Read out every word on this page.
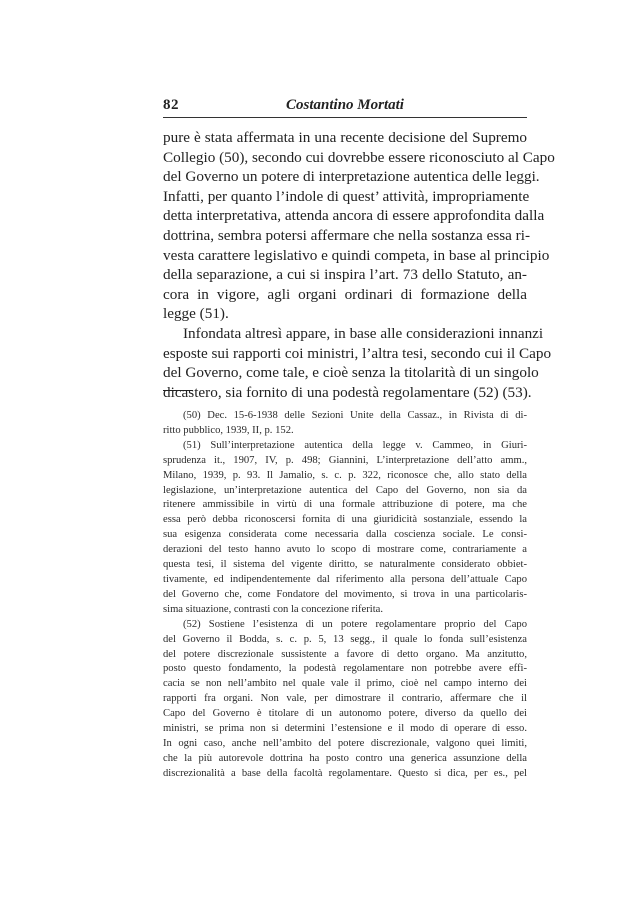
82	Costantino Mortati
pure è stata affermata in una recente decisione del Supremo
Collegio (50), secondo cui dovrebbe essere riconosciuto al Capo
del Governo un potere di interpretazione autentica delle leggi.
Infatti, per quanto l’indole di quest’ attività, impropriamente
detta interpretativa, attenda ancora di essere approfondita dalla
dottrina, sembra potersi affermare che nella sostanza essa ri-
vesta carattere legislativo e quindi competa, in base al principio
della separazione, a cui si inspira l’art. 73 dello Statuto, an-
cora in vigore, agli organi ordinari di formazione della
legge (51).
Infondata altresì appare, in base alle considerazioni innanzi
esposte sui rapporti coi ministri, l’altra tesi, secondo cui il Capo
del Governo, come tale, e cioè senza la titolarità di un singolo
dicastero, sia fornito di una podestà regolamentare (52) (53).
(50) Dec. 15-6-1938 delle Sezioni Unite della Cassaz., in Rivista di di-
ritto pubblico, 1939, II, p. 152.
(51) Sull’interpretazione autentica della legge v. Cammeo, in Giuri-
sprudenza it., 1907, IV, p. 498; Giannini, L’interpretazione dell’atto amm.,
Milano, 1939, p. 93. Il Jamalio, s. c. p. 322, riconosce che, allo stato della
legislazione, un’interpretazione autentica del Capo del Governo, non sia da
ritenere ammissibile in virtù di una formale attribuzione di potere, ma che
essa però debba riconoscersi fornita di una giuridicità sostanziale, essendo la
sua esigenza considerata come necessaria dalla coscienza sociale. Le consi-
derazioni del testo hanno avuto lo scopo di mostrare come, contrariamente a
questa tesi, il sistema del vigente diritto, se naturalmente considerato obbiet-
tivamente, ed indipendentemente dal riferimento alla persona dell’attuale Capo
del Governo che, come Fondatore del movimento, si trova in una particolaris-
sima situazione, contrasti con la concezione riferita.
(52) Sostiene l’esistenza di un potere regolamentare proprio del Capo
del Governo il Bodda, s. c. p. 5, 13 segg., il quale lo fonda sull’esistenza
del potere discrezionale sussistente a favore di detto organo. Ma anzitutto,
posto questo fondamento, la podestà regolamentare non potrebbe avere effi-
cacia se non nell’ambito nel quale vale il primo, cioè nel campo interno dei
rapporti fra organi. Non vale, per dimostrare il contrario, affermare che il
Capo del Governo è titolare di un autonomo potere, diverso da quello dei
ministri, se prima non si determini l’estensione e il modo di operare di esso.
In ogni caso, anche nell’ambito del potere discrezionale, valgono quei limiti,
che la più autorevole dottrina ha posto contro una generica assunzione della
discrezionalità a base della facoltà regolamentare. Questo si dica, per es., pel
